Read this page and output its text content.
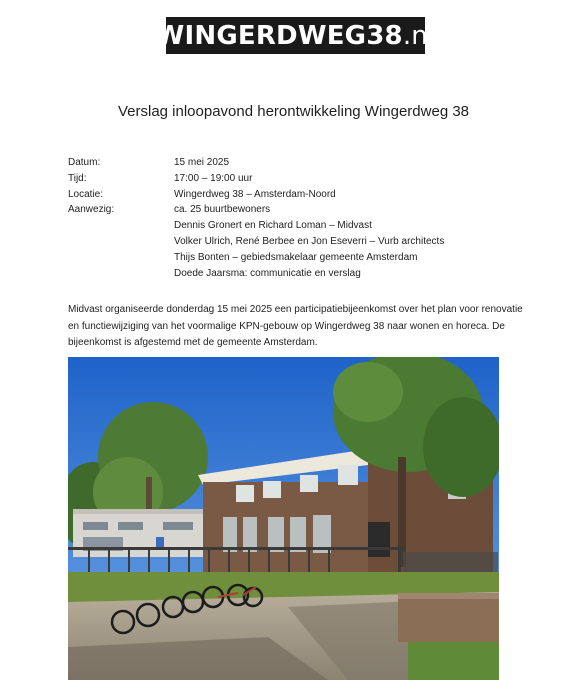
WINGERDWEG38 .nl
Verslag inloopavond herontwikkeling Wingerdweg 38
Datum:	15 mei 2025
Tijd:	17:00 – 19:00 uur
Locatie:	Wingerdweg 38 – Amsterdam-Noord
Aanwezig:	ca. 25 buurtbewoners
Dennis Gronert en Richard Loman – Midvast
Volker Ulrich, René Berbee en Jon Eseverri – Vurb architects
Thijs Bonten – gebiedsmakelaar gemeente Amsterdam
Doede Jaarsma: communicatie en verslag
Midvast organiseerde donderdag 15 mei 2025 een participatiebijeenkomst over het plan voor renovatie en functiewijziging van het voormalige KPN-gebouw op Wingerdweg 38 naar wonen en horeca. De bijeenkomst is afgestemd met de gemeente Amsterdam.
